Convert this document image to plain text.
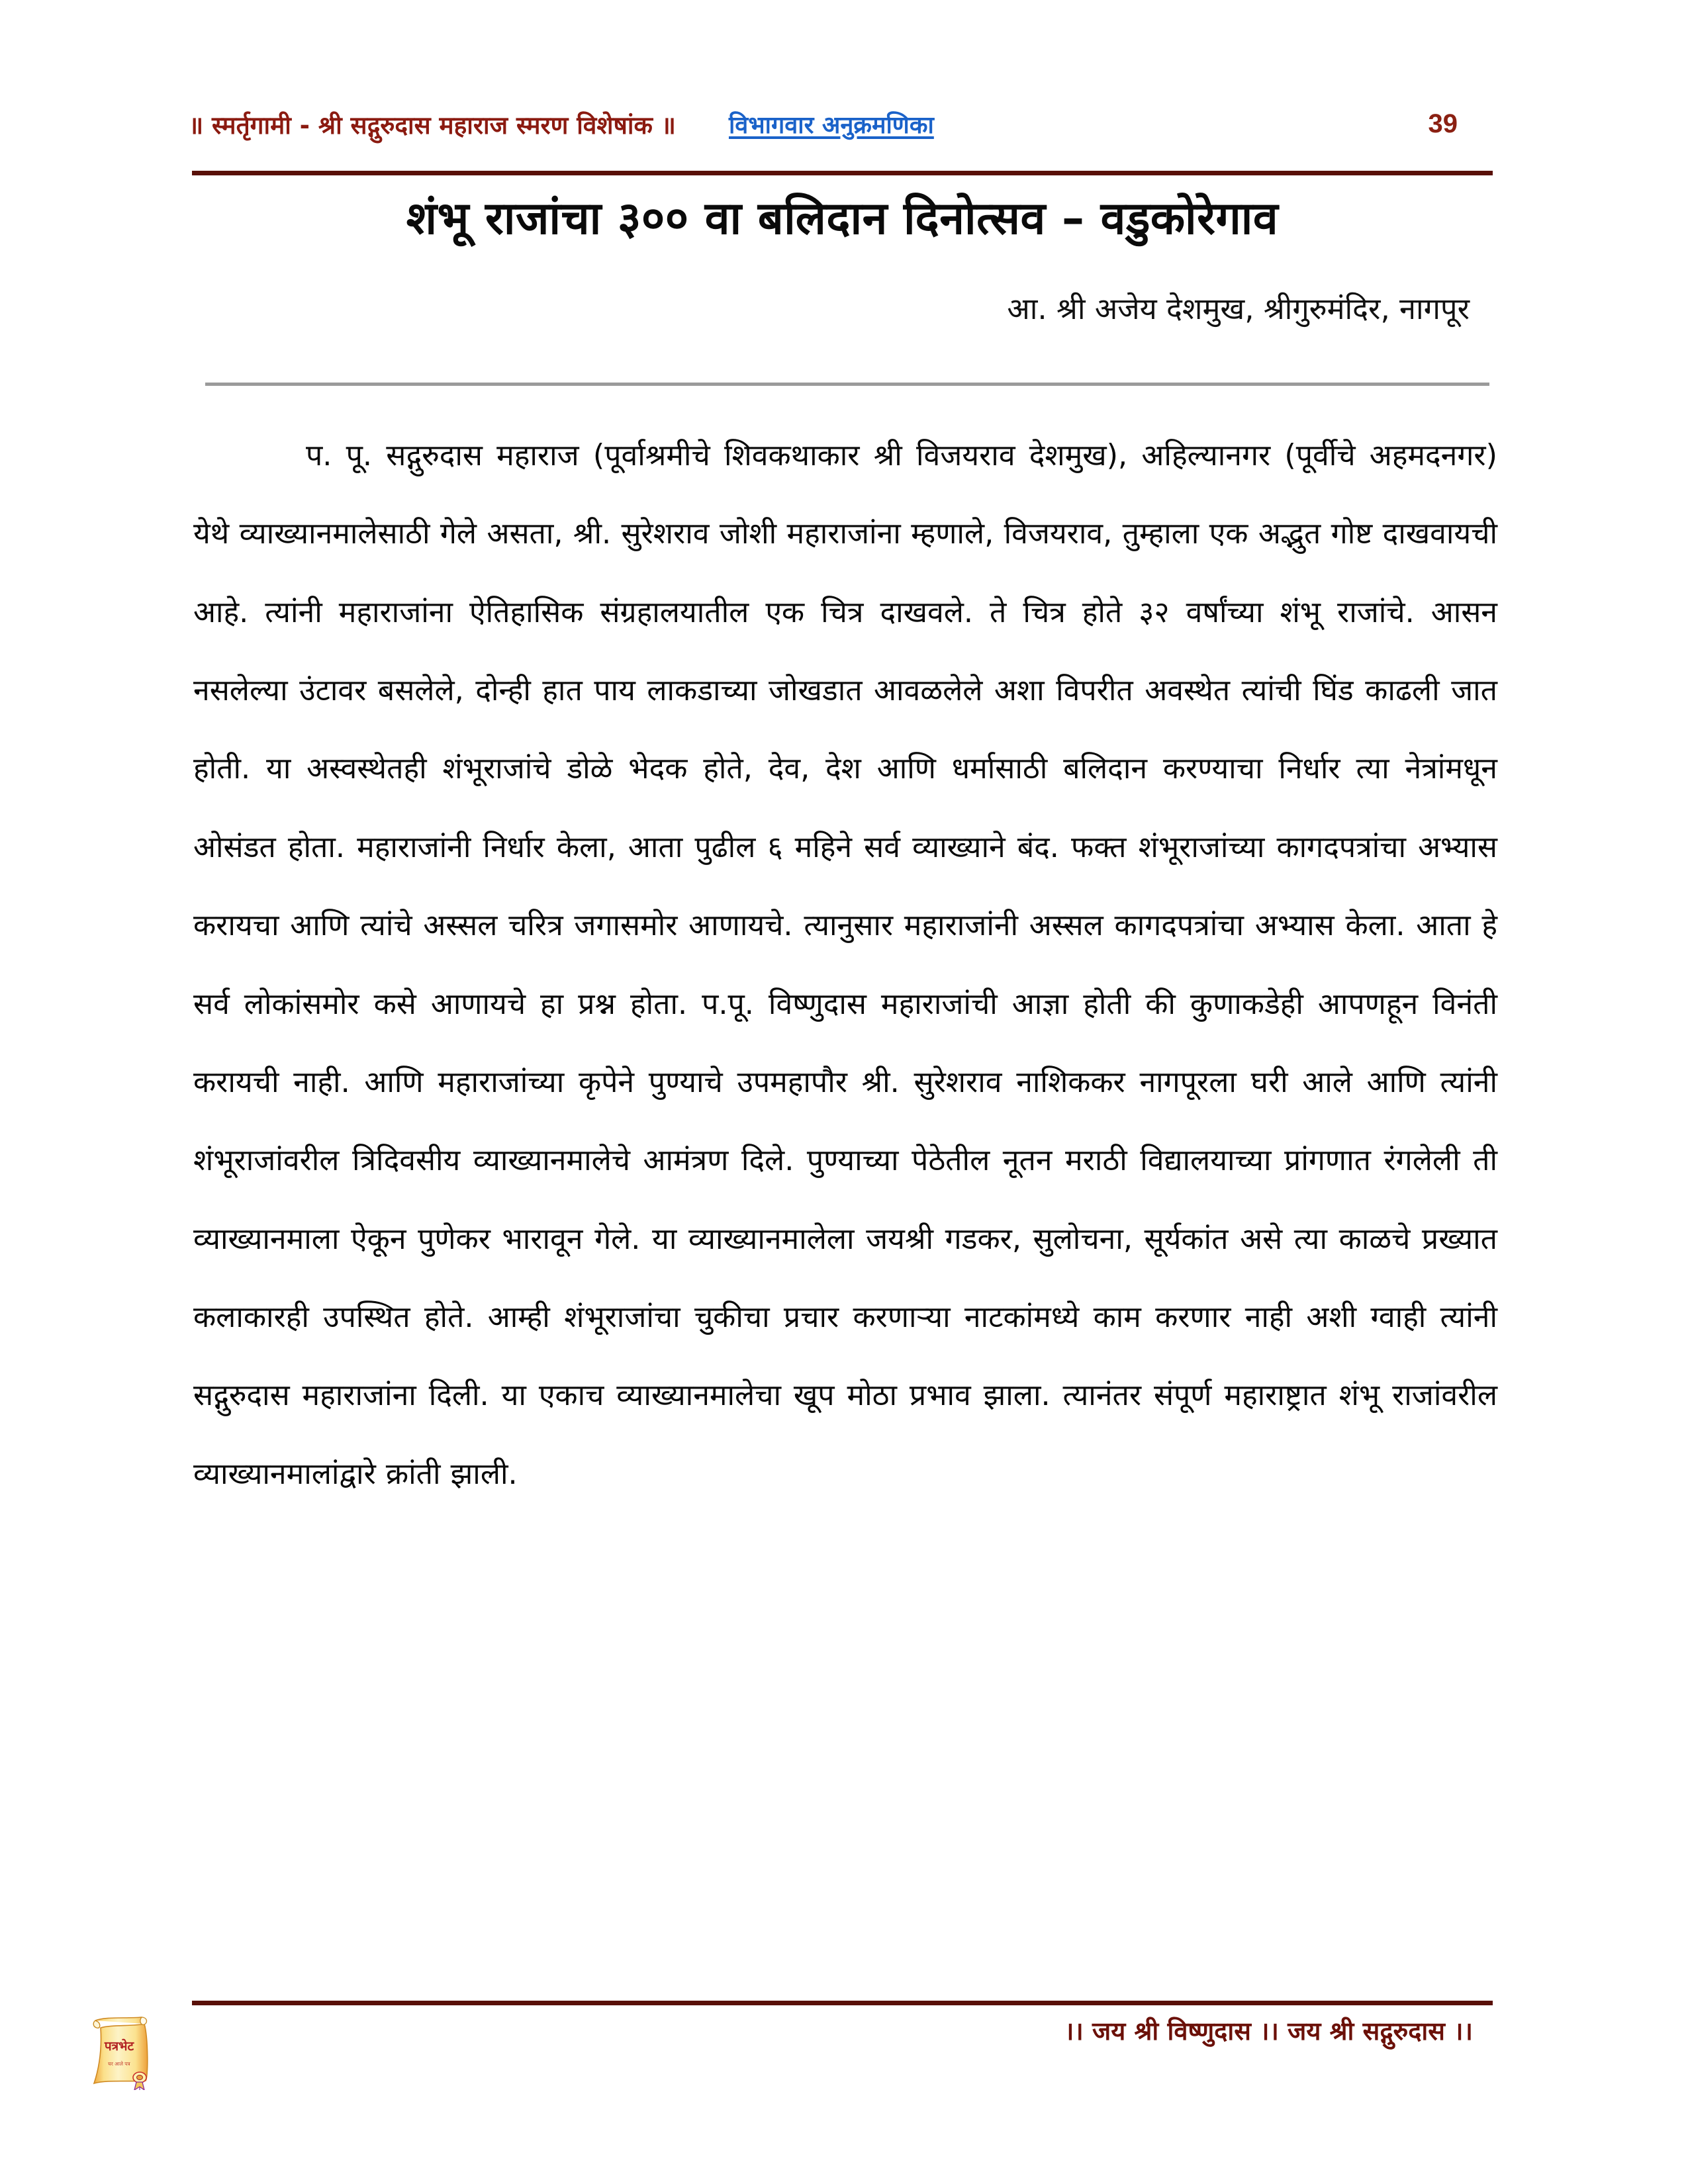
॥ स्मर्तृगामी - श्री सद्गुरुदास महाराज स्मरण विशेषांक ॥	विभागवार अनुक्रमणिका	39
शंभू राजांचा ३०० वा बलिदान दिनोत्सव – वडुकोरेगाव
आ. श्री अजेय देशमुख, श्रीगुरुमंदिर, नागपूर
प. पू. सद्गुरुदास महाराज (पूर्वाश्रमीचे शिवकथाकार श्री विजयराव देशमुख), अहिल्यानगर (पूर्वीचे अहमदनगर) येथे व्याख्यानमालेसाठी गेले असता, श्री. सुरेशराव जोशी महाराजांना म्हणाले, विजयराव, तुम्हाला एक अद्भुत गोष्ट दाखवायची आहे. त्यांनी महाराजांना ऐतिहासिक संग्रहालयातील एक चित्र दाखवले. ते चित्र होते ३२ वर्षांच्या शंभू राजांचे. आसन नसलेल्या उंटावर बसलेले, दोन्ही हात पाय लाकडाच्या जोखडात आवळलेले अशा विपरीत अवस्थेत त्यांची घिंड काढली जात होती. या अस्वस्थेतही शंभूराजांचे डोळे भेदक होते, देव, देश आणि धर्मासाठी बलिदान करण्याचा निर्धार त्या नेत्रांमधून ओसंडत होता. महाराजांनी निर्धार केला, आता पुढील ६ महिने सर्व व्याख्याने बंद. फक्त शंभूराजांच्या कागदपत्रांचा अभ्यास करायचा आणि त्यांचे अस्सल चरित्र जगासमोर आणायचे. त्यानुसार महाराजांनी अस्सल कागदपत्रांचा अभ्यास केला. आता हे सर्व लोकांसमोर कसे आणायचे हा प्रश्न होता. प.पू. विष्णुदास महाराजांची आज्ञा होती की कुणाकडेही आपणहून विनंती करायची नाही. आणि महाराजांच्या कृपेने पुण्याचे उपमहापौर श्री. सुरेशराव नाशिककर नागपूरला घरी आले आणि त्यांनी शंभूराजांवरील त्रिदिवसीय व्याख्यानमालेचे आमंत्रण दिले. पुण्याच्या पेठेतील नूतन मराठी विद्यालयाच्या प्रांगणात रंगलेली ती व्याख्यानमाला ऐकून पुणेकर भारावून गेले. या व्याख्यानमालेला जयश्री गडकर, सुलोचना, सूर्यकांत असे त्या काळचे प्रख्यात कलाकारही उपस्थित होते. आम्ही शंभूराजांचा चुकीचा प्रचार करणाऱ्या नाटकांमध्ये काम करणार नाही अशी ग्वाही त्यांनी सद्गुरुदास महाराजांना दिली. या एकाच व्याख्यानमालेचा खूप मोठा प्रभाव झाला. त्यानंतर संपूर्ण महाराष्ट्रात शंभू राजांवरील व्याख्यानमालांद्वारे क्रांती झाली.
।। जय श्री विष्णुदास ।। जय श्री सद्गुरुदास ।।
पत्रभेट
घर आले पत्र
